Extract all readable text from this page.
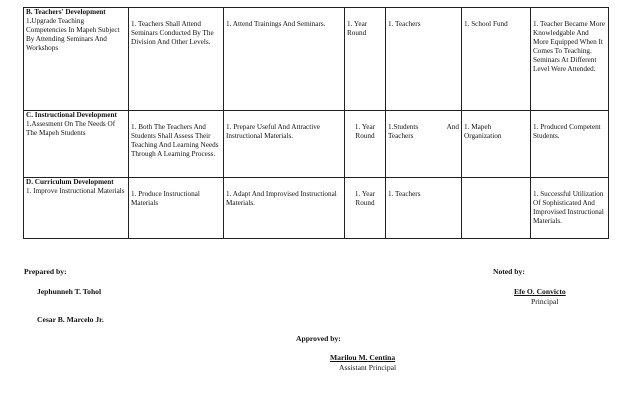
B. Teachers' Development
1.Upgrade Teaching Competencies In Mapeh Subject By Attending Seminars And Workshops	1. Teachers Shall Attend Seminars Conducted By The Division And Other Levels.	1. Attend Trainings And Seminars.	1. Year Round	1. Teachers	1. School Fund	1. Teacher Became More Knowledgable And More Equipped When It Comes To Teaching. Seminars At Different Level Were Attended.

C. Instructional Development
1.Assesment On The Needs Of The Mapeh Students	1. Both The Teachers And Students Shall Assess Their Teaching And Learning Needs Through A Learning Process.	1. Prepare Useful And Attractive Instructional Materials.	1. Year Round	1.Students And
Teachers	1. Mapeh Organization	1. Produced Competent Students.

D. Curriculum Development
1. Improve Instructional Materials	1. Produce Instructional Materials	1. Adapt And Improvised Instructional Materials.	1. Year Round	1. Teachers		1. Successful Utilization Of Sophisticated And Improvised Instructional Materials.
Prepared by:
Jephunneh T. Tohol
Cesar B. Marcelo Jr.
Noted by:
Efe O. Convicto
Principal
Approved by:
Marilou M. Centina
Assistant Principal
